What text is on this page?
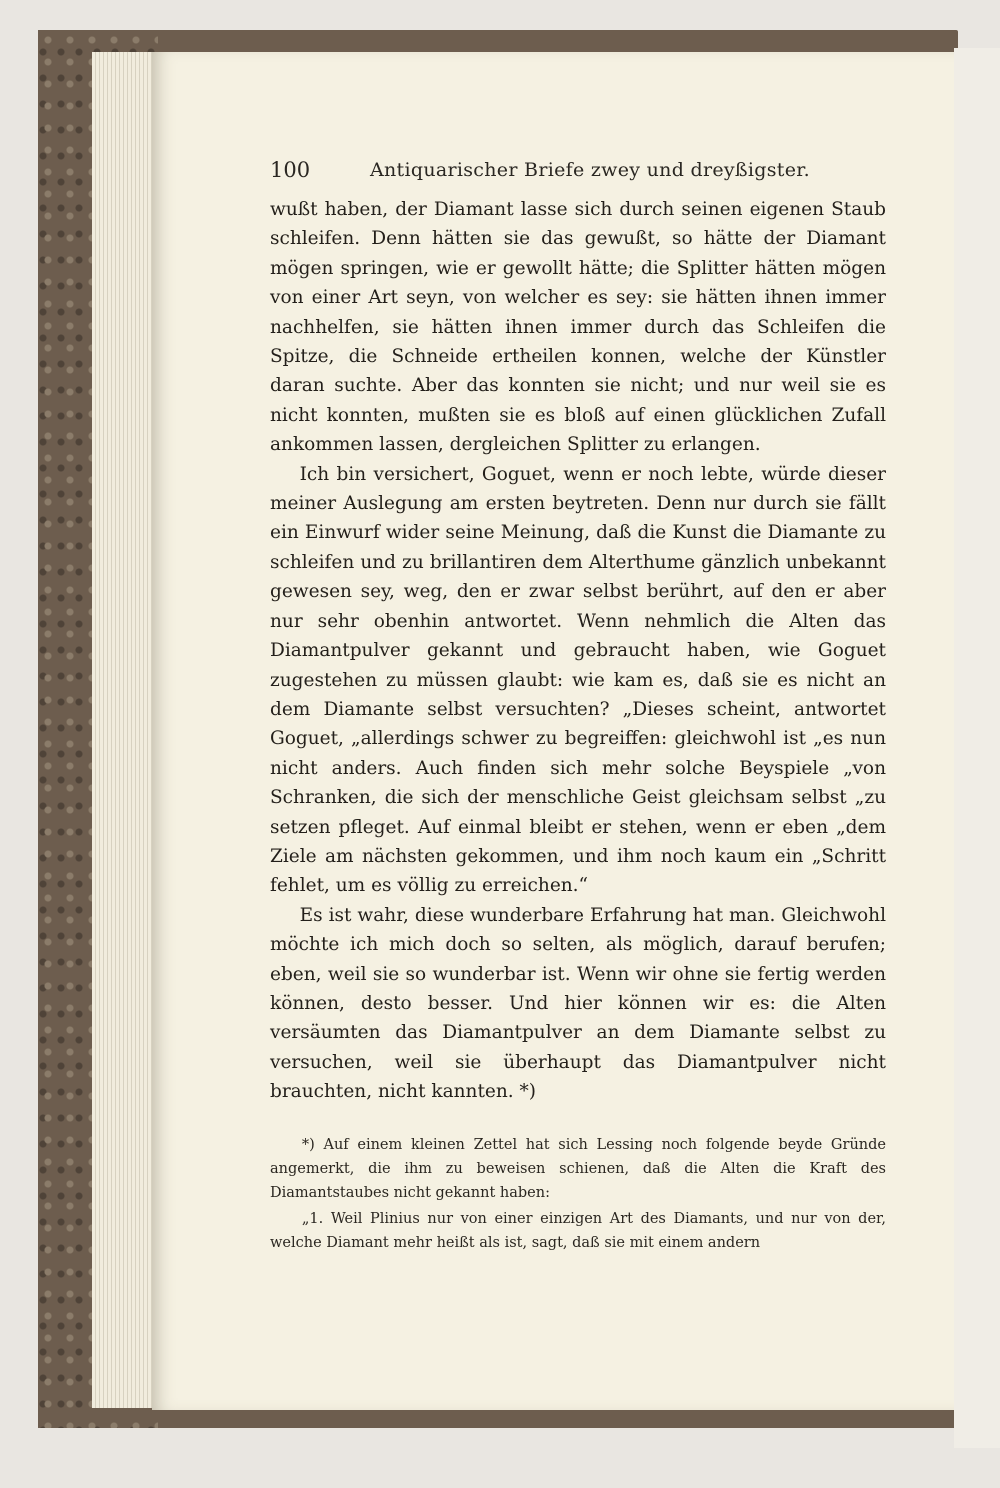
100	Antiquarischer Briefe zwey und dreyßigster.

wußt haben, der Diamant lasse sich durch seinen eigenen Staub schleifen. Denn hätten sie das gewußt, so hätte der Diamant mögen springen, wie er gewollt hätte; die Splitter hätten mögen von einer Art seyn, von welcher es sey: sie hätten ihnen immer nachhelfen, sie hätten ihnen immer durch das Schleifen die Spitze, die Schneide ertheilen konnen, welche der Künstler daran suchte. Aber das konnten sie nicht; und nur weil sie es nicht konnten, mußten sie es bloß auf einen glücklichen Zufall ankommen lassen, dergleichen Splitter zu erlangen.

Ich bin versichert, Goguet, wenn er noch lebte, würde dieser meiner Auslegung am ersten beytreten. Denn nur durch sie fällt ein Einwurf wider seine Meinung, daß die Kunst die Diamante zu schleifen und zu brillantiren dem Alterthume gänzlich unbekannt gewesen sey, weg, den er zwar selbst berührt, auf den er aber nur sehr obenhin antwortet. Wenn nehmlich die Alten das Diamantpulver gekannt und gebraucht haben, wie Goguet zugestehen zu müssen glaubt: wie kam es, daß sie es nicht an dem Diamante selbst versuchten? „Dieses scheint, antwortet Goguet, „allerdings schwer zu begreiffen: gleichwohl ist „es nun nicht anders. Auch finden sich mehr solche Beyspiele „von Schranken, die sich der menschliche Geist gleichsam selbst „zu setzen pfleget. Auf einmal bleibt er stehen, wenn er eben „dem Ziele am nächsten gekommen, und ihm noch kaum ein „Schritt fehlet, um es völlig zu erreichen.“

Es ist wahr, diese wunderbare Erfahrung hat man. Gleichwohl möchte ich mich doch so selten, als möglich, darauf berufen; eben, weil sie so wunderbar ist. Wenn wir ohne sie fertig werden können, desto besser. Und hier können wir es: die Alten versäumten das Diamantpulver an dem Diamante selbst zu versuchen, weil sie überhaupt das Diamantpulver nicht brauchten, nicht kannten. *)

*) Auf einem kleinen Zettel hat sich Lessing noch folgende beyde Gründe angemerkt, die ihm zu beweisen schienen, daß die Alten die Kraft des Diamantstaubes nicht gekannt haben:

„1. Weil Plinius nur von einer einzigen Art des Diamants, und nur von der, welche Diamant mehr heißt als ist, sagt, daß sie mit einem andern
